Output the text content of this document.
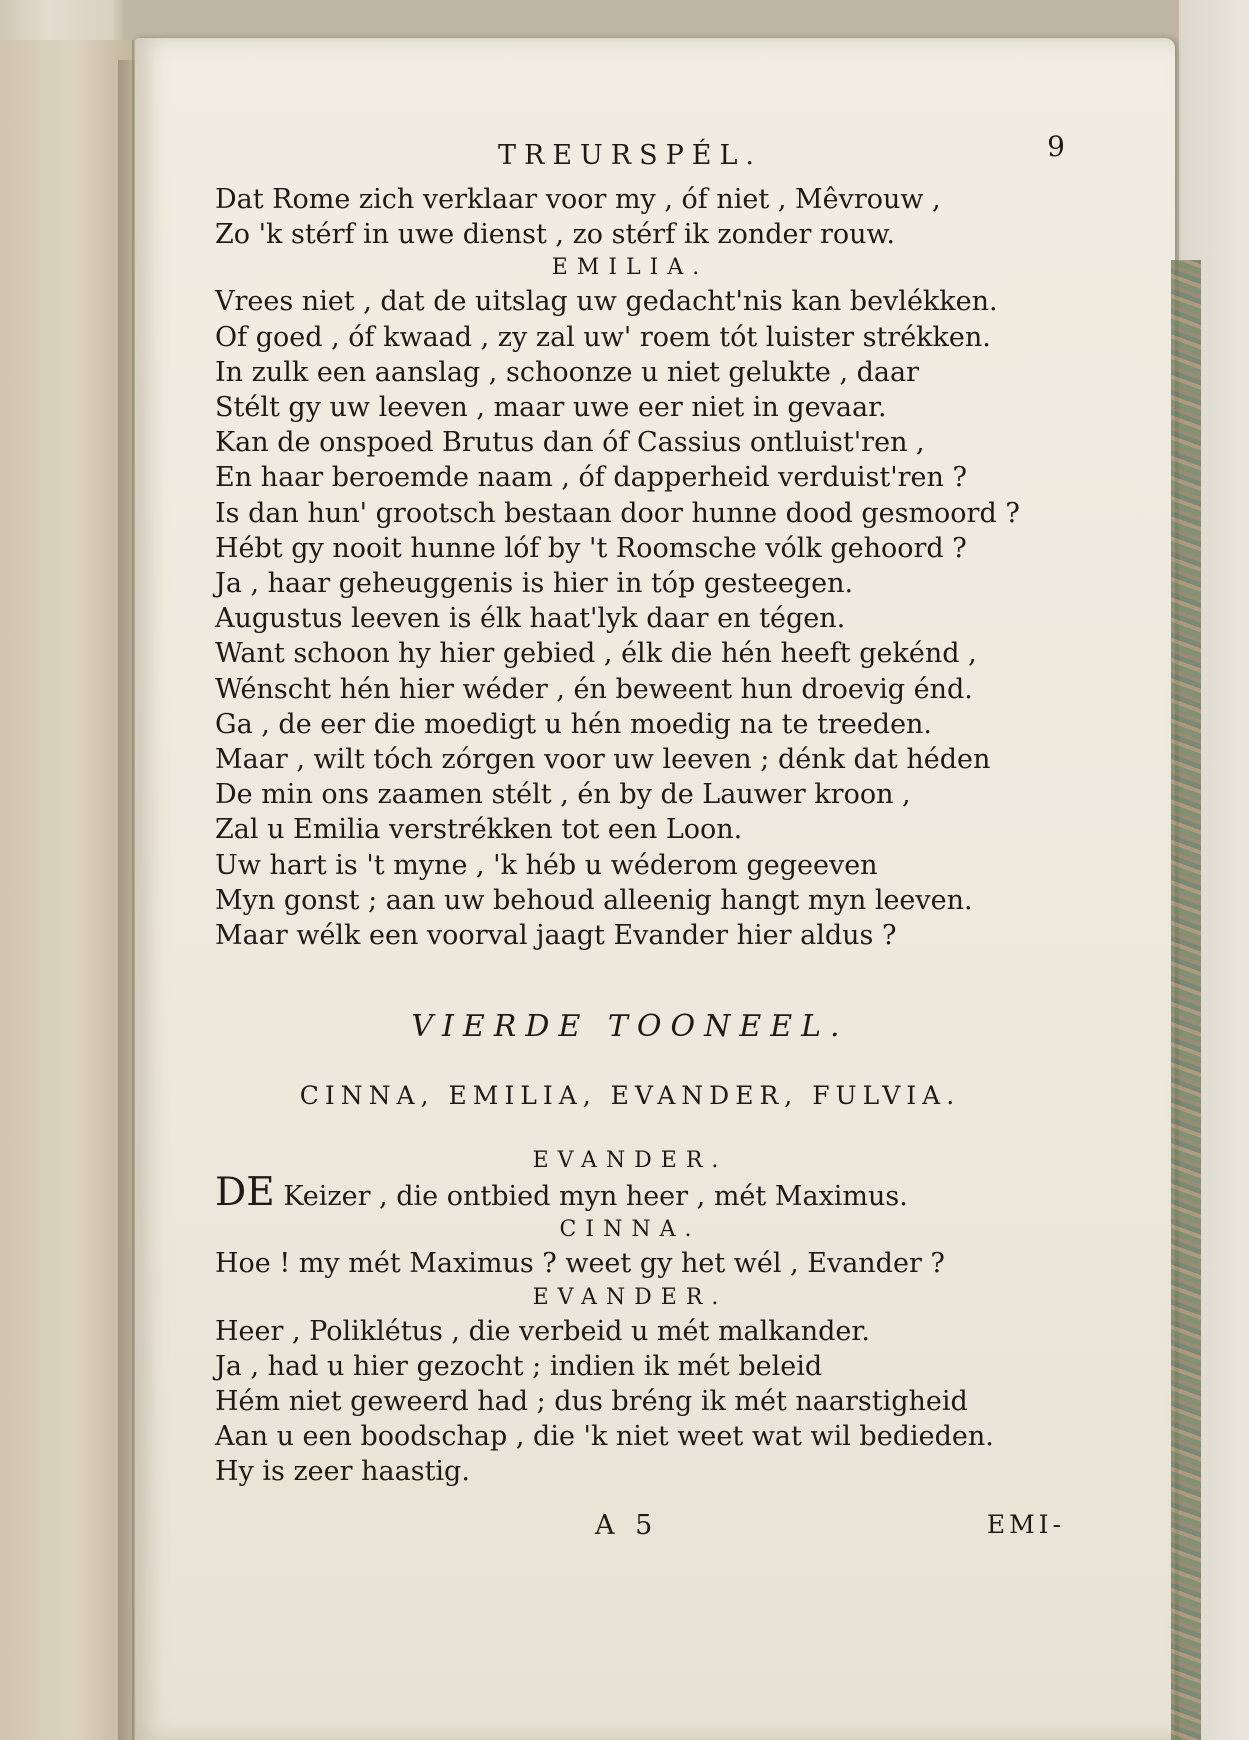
TREURSPÉL.	9
Dat Rome zich verklaar voor my , óf niet , Mêvrouw ,
Zo 'k stérf in uwe dienst , zo stérf ik zonder rouw.
EMILIA.
Vrees niet , dat de uitslag uw gedacht'nis kan bevlékken.
Of goed , óf kwaad , zy zal uw' roem tót luister strékken.
In zulk een aanslag , schoonze u niet gelukte , daar
Stélt gy uw leeven , maar uwe eer niet in gevaar.
Kan de onspoed Brutus dan óf Cassius ontluist'ren ,
En haar beroemde naam , óf dapperheid verduist'ren ?
Is dan hun' grootsch bestaan door hunne dood gesmoord ?
Hébt gy nooit hunne lóf by 't Roomsche vólk gehoord ?
Ja , haar geheuggenis is hier in tóp gesteegen.
Augustus leeven is élk haat'lyk daar en tégen.
Want schoon hy hier gebied , élk die hén heeft gekénd ,
Wénscht hén hier wéder , én beweent hun droevig énd.
Ga , de eer die moedigt u hén moedig na te treeden.
Maar , wilt tóch zórgen voor uw leeven ; dénk dat héden
De min ons zaamen stélt , én by de Lauwer kroon ,
Zal u Emilia verstrékken tot een Loon.
Uw hart is 't myne , 'k héb u wéderom gegeeven
Myn gonst ; aan uw behoud alleenig hangt myn leeven.
Maar wélk een voorval jaagt Evander hier aldus ?
VIERDE TOONEEL.
CINNA, EMILIA, EVANDER, FULVIA.
EVANDER.
DE Keizer , die ontbied myn heer , mét Maximus.
CINNA.
Hoe ! my mét Maximus ? weet gy het wél , Evander ?
EVANDER.
Heer , Poliklétus , die verbeid u mét malkander.
Ja , had u hier gezocht ; indien ik mét beleid
Hém niet geweerd had ; dus bréng ik mét naarstigheid
Aan u een boodschap , die 'k niet weet wat wil bedieden.
Hy is zeer haastig.
A 5	EMI-
